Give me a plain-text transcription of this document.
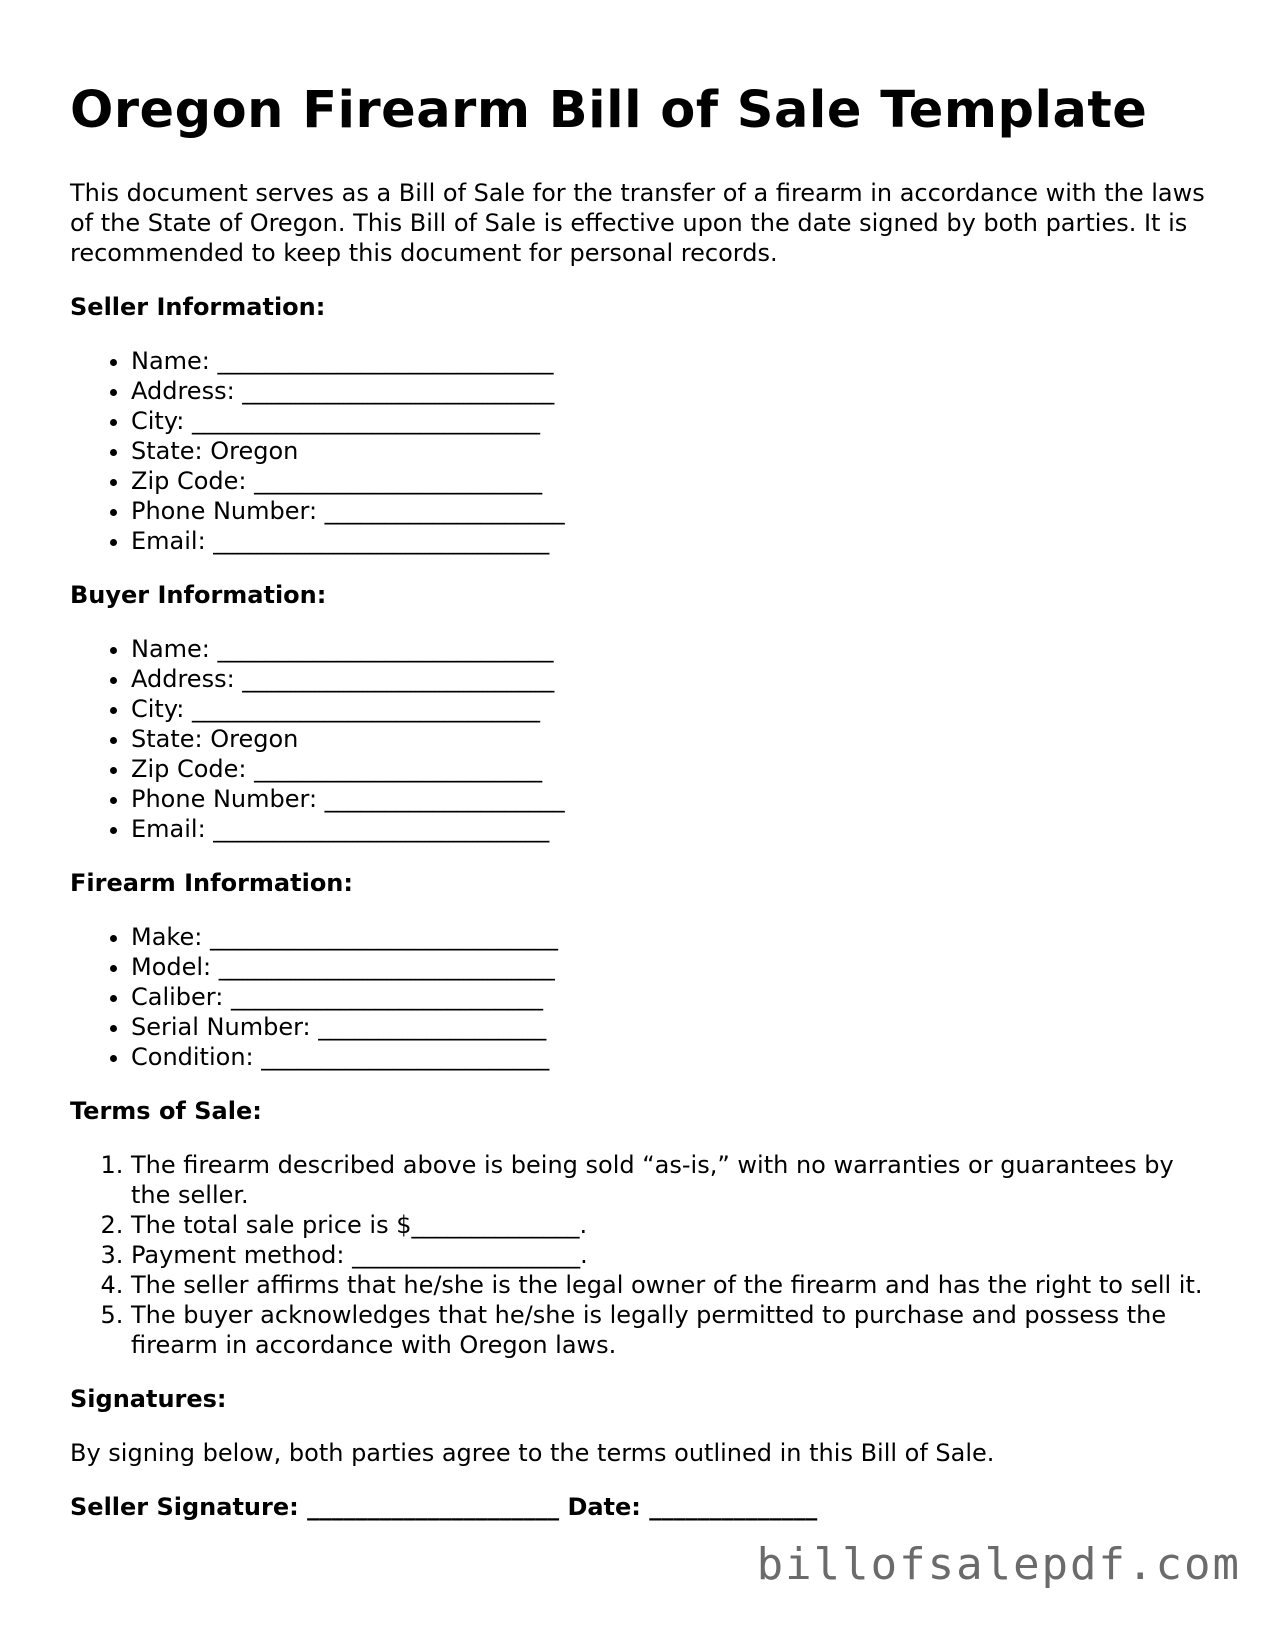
Oregon Firearm Bill of Sale Template

This document serves as a Bill of Sale for the transfer of a firearm in accordance with the laws of the State of Oregon. This Bill of Sale is effective upon the date signed by both parties. It is recommended to keep this document for personal records.

Seller Information:
• Name: ____________________________
• Address: __________________________
• City: _____________________________
• State: Oregon
• Zip Code: ________________________
• Phone Number: ____________________
• Email: ____________________________
Buyer Information:
• Name: ____________________________
• Address: __________________________
• City: _____________________________
• State: Oregon
• Zip Code: ________________________
• Phone Number: ____________________
• Email: ____________________________
Firearm Information:
• Make: _____________________________
• Model: ____________________________
• Caliber: __________________________
• Serial Number: ___________________
• Condition: ________________________
Terms of Sale:
1. The firearm described above is being sold “as-is,” with no warranties or guarantees by the seller.
2. The total sale price is $______________.
3. Payment method: ___________________.
4. The seller affirms that he/she is the legal owner of the firearm and has the right to sell it.
5. The buyer acknowledges that he/she is legally permitted to purchase and possess the firearm in accordance with Oregon laws.
Signatures:

By signing below, both parties agree to the terms outlined in this Bill of Sale.

Seller Signature: _____________________ Date: ______________

billofsalepdf.com
